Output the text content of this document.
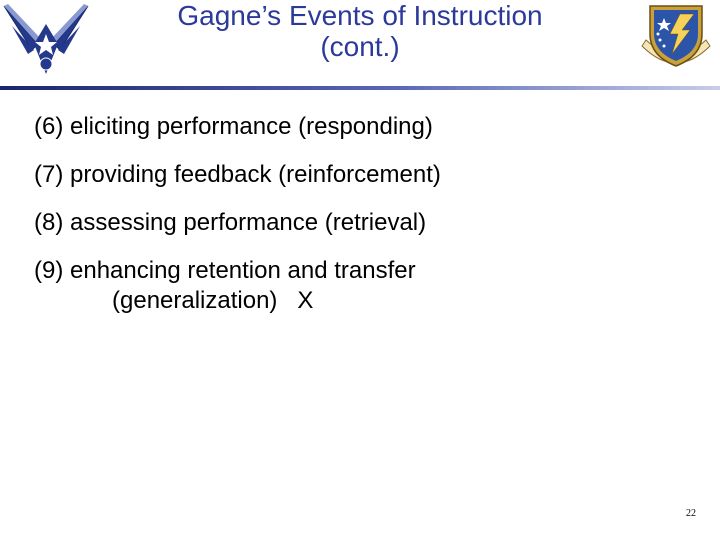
Gagne’s Events of Instruction
(cont.)
(6) eliciting performance (responding)
(7) providing feedback (reinforcement)
(8) assessing performance (retrieval)
(9) enhancing retention and transfer
(generalization)   X
22
